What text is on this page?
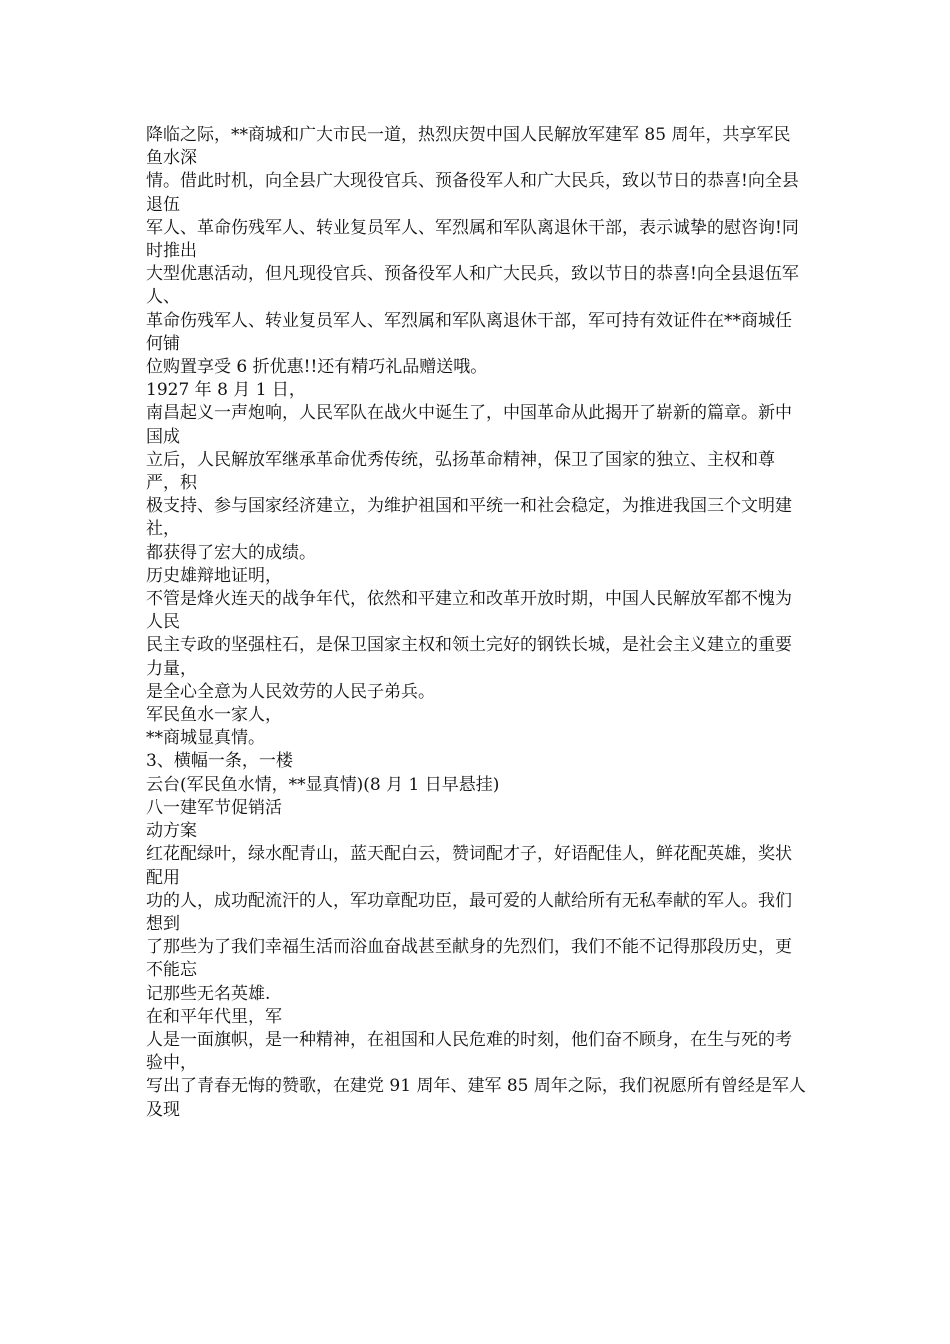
降临之际，**商城和广大市民一道，热烈庆贺中国人民解放军建军 85 周年，共享军民鱼水深
情。借此时机，向全县广大现役官兵、预备役军人和广大民兵，致以节日的恭喜!向全县退伍
军人、革命伤残军人、转业复员军人、军烈属和军队离退休干部，表示诚挚的慰咨询!同时推出
大型优惠活动，但凡现役官兵、预备役军人和广大民兵，致以节日的恭喜!向全县退伍军人、
革命伤残军人、转业复员军人、军烈属和军队离退休干部，军可持有效证件在**商城任何铺
位购置享受 6 折优惠!!还有精巧礼品赠送哦。
1927 年 8 月 1 日，
南昌起义一声炮响，人民军队在战火中诞生了，中国革命从此揭开了崭新的篇章。新中国成
立后，人民解放军继承革命优秀传统，弘扬革命精神，保卫了国家的独立、主权和尊严，积
极支持、参与国家经济建立，为维护祖国和平统一和社会稳定，为推进我国三个文明建社，
都获得了宏大的成绩。
历史雄辩地证明，
不管是烽火连天的战争年代，依然和平建立和改革开放时期，中国人民解放军都不愧为人民
民主专政的坚强柱石，是保卫国家主权和领土完好的钢铁长城，是社会主义建立的重要力量，
是全心全意为人民效劳的人民子弟兵。
军民鱼水一家人，
**商城显真情。
3、横幅一条，一楼
云台(军民鱼水情，**显真情)(8 月 1 日早悬挂)
八一建军节促销活
动方案
红花配绿叶，绿水配青山，蓝天配白云，赞词配才子，好语配佳人，鲜花配英雄，奖状配用
功的人，成功配流汗的人，军功章配功臣，最可爱的人献给所有无私奉献的军人。我们想到
了那些为了我们幸福生活而浴血奋战甚至献身的先烈们，我们不能不记得那段历史，更不能忘
记那些无名英雄.
在和平年代里，军
人是一面旗帜，是一种精神，在祖国和人民危难的时刻，他们奋不顾身，在生与死的考验中，
写出了青春无悔的赞歌，在建党 91 周年、建军 85 周年之际，我们祝愿所有曾经是军人及现
